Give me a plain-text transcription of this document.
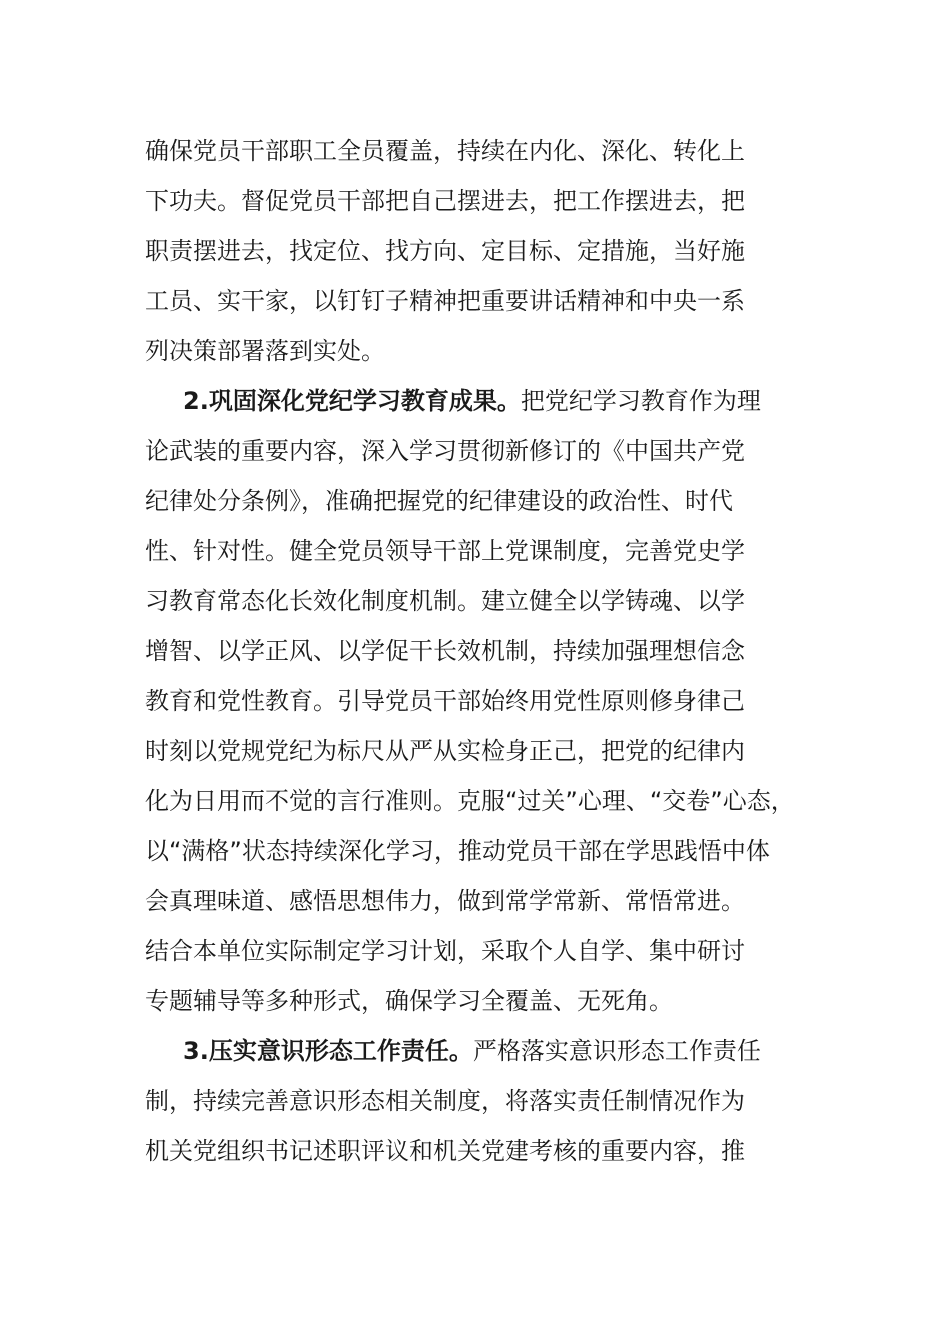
确保党员干部职工全员覆盖，持续在内化、深化、转化上
下功夫。督促党员干部把自己摆进去，把工作摆进去，把
职责摆进去，找定位、找方向、定目标、定措施，当好施
工员、实干家，以钉钉子精神把重要讲话精神和中央一系
列决策部署落到实处。
2.巩固深化党纪学习教育成果。把党纪学习教育作为理
论武装的重要内容，深入学习贯彻新修订的《中国共产党
纪律处分条例》，准确把握党的纪律建设的政治性、时代
性、针对性。健全党员领导干部上党课制度，完善党史学
习教育常态化长效化制度机制。建立健全以学铸魂、以学
增智、以学正风、以学促干长效机制，持续加强理想信念
教育和党性教育。引导党员干部始终用党性原则修身律己
时刻以党规党纪为标尺从严从实检身正己，把党的纪律内
化为日用而不觉的言行准则。克服“过关”心理、“交卷”心态，
以“满格”状态持续深化学习，推动党员干部在学思践悟中体
会真理味道、感悟思想伟力，做到常学常新、常悟常进。
结合本单位实际制定学习计划，采取个人自学、集中研讨
专题辅导等多种形式，确保学习全覆盖、无死角。
3.压实意识形态工作责任。严格落实意识形态工作责任
制，持续完善意识形态相关制度，将落实责任制情况作为
机关党组织书记述职评议和机关党建考核的重要内容，推
